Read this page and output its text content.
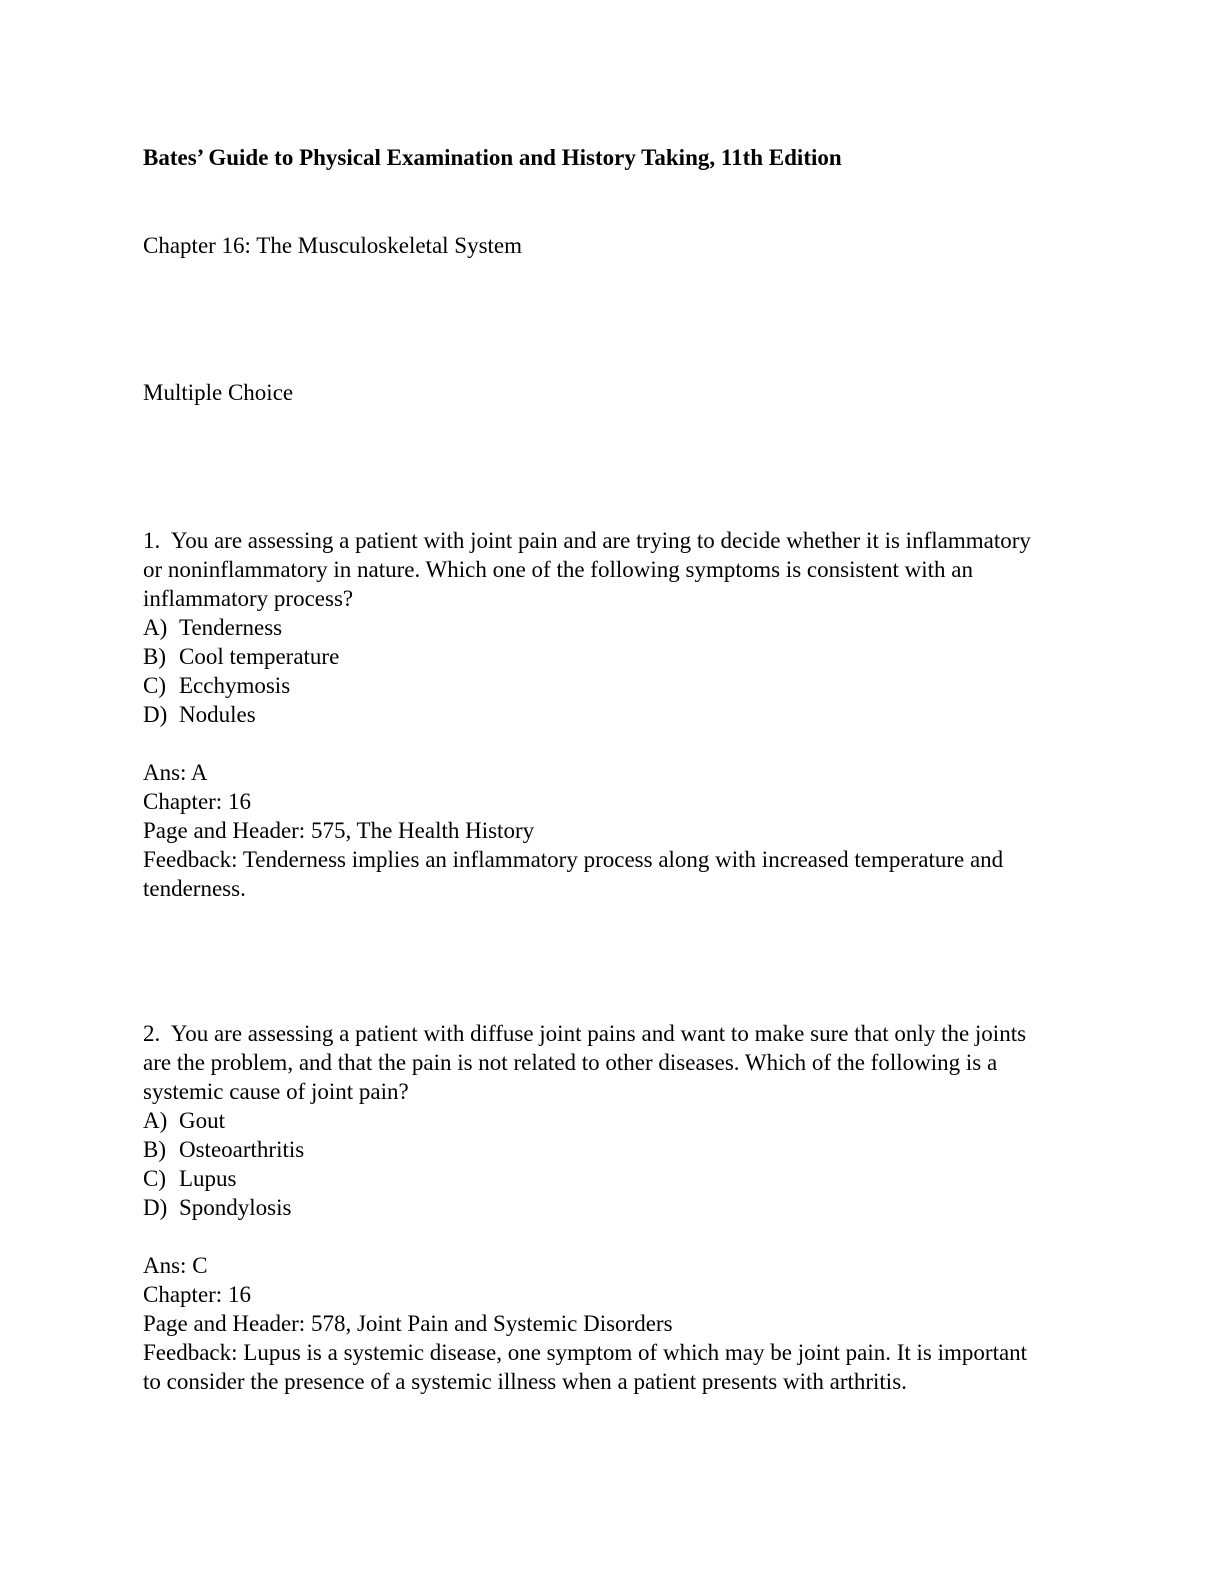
Bates’ Guide to Physical Examination and History Taking, 11th Edition
Chapter 16: The Musculoskeletal System
Multiple Choice
1. You are assessing a patient with joint pain and are trying to decide whether it is inflammatory
or noninflammatory in nature. Which one of the following symptoms is consistent with an
inflammatory process?
A) Tenderness
B) Cool temperature
C) Ecchymosis
D) Nodules
Ans: A
Chapter: 16
Page and Header: 575, The Health History
Feedback: Tenderness implies an inflammatory process along with increased temperature and
tenderness.
2. You are assessing a patient with diffuse joint pains and want to make sure that only the joints
are the problem, and that the pain is not related to other diseases. Which of the following is a
systemic cause of joint pain?
A) Gout
B) Osteoarthritis
C) Lupus
D) Spondylosis
Ans: C
Chapter: 16
Page and Header: 578, Joint Pain and Systemic Disorders
Feedback: Lupus is a systemic disease, one symptom of which may be joint pain. It is important
to consider the presence of a systemic illness when a patient presents with arthritis.
